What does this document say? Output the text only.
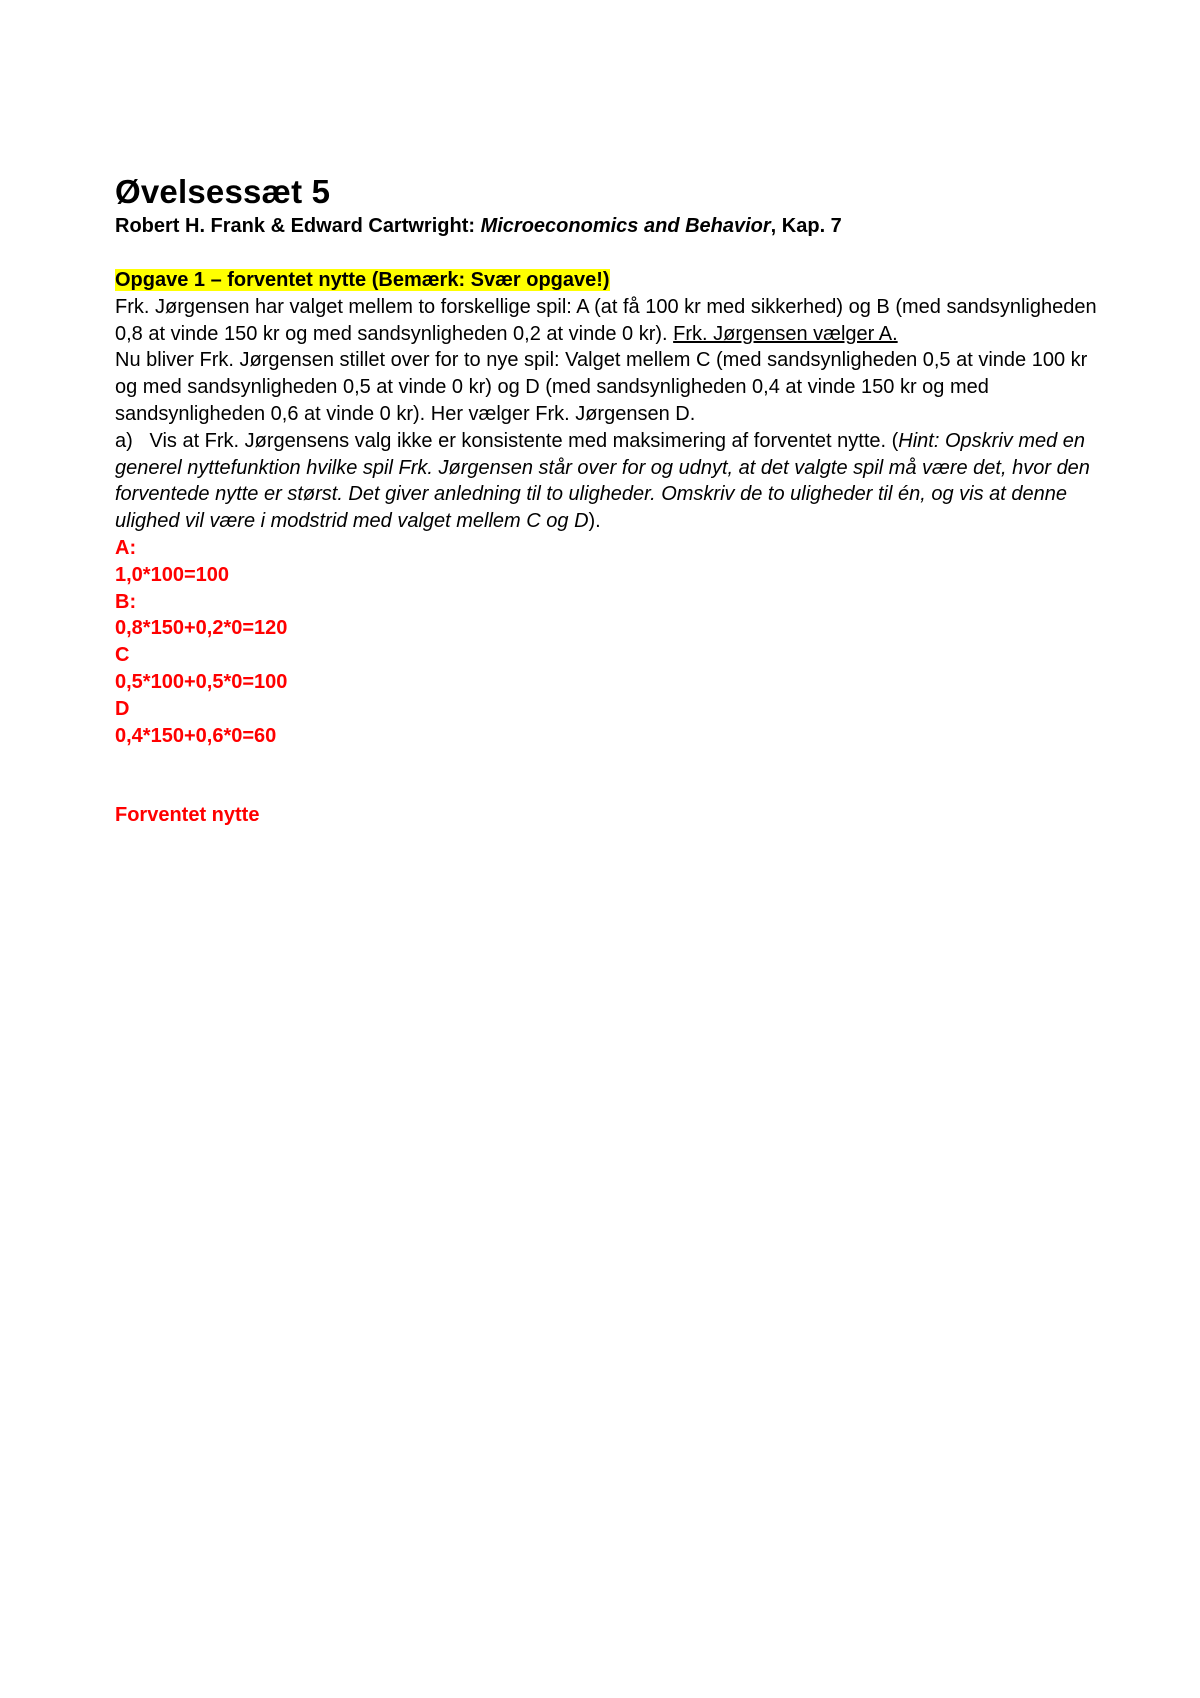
Øvelsessæt 5

Robert H. Frank & Edward Cartwright: Microeconomics and Behavior, Kap. 7

Opgave 1 – forventet nytte (Bemærk: Svær opgave!)

Frk. Jørgensen har valget mellem to forskellige spil: A (at få 100 kr med sikkerhed) og B (med sandsynligheden 0,8 at vinde 150 kr og med sandsynligheden 0,2 at vinde 0 kr). Frk. Jørgensen vælger A.

Nu bliver Frk. Jørgensen stillet over for to nye spil: Valget mellem C (med sandsynligheden 0,5 at vinde 100 kr og med sandsynligheden 0,5 at vinde 0 kr) og D (med sandsynligheden 0,4 at vinde 150 kr og med sandsynligheden 0,6 at vinde 0 kr). Her vælger Frk. Jørgensen D.

a) Vis at Frk. Jørgensens valg ikke er konsistente med maksimering af forventet nytte. (Hint: Opskriv med en generel nyttefunktion hvilke spil Frk. Jørgensen står over for og udnyt, at det valgte spil må være det, hvor den forventede nytte er størst. Det giver anledning til to uligheder. Omskriv de to uligheder til én, og vis at denne ulighed vil være i modstrid med valget mellem C og D).

A:

1,0*100=100

B:

0,8*150+0,2*0=120

C

0,5*100+0,5*0=100

D

0,4*150+0,6*0=60

Forventet nytte
